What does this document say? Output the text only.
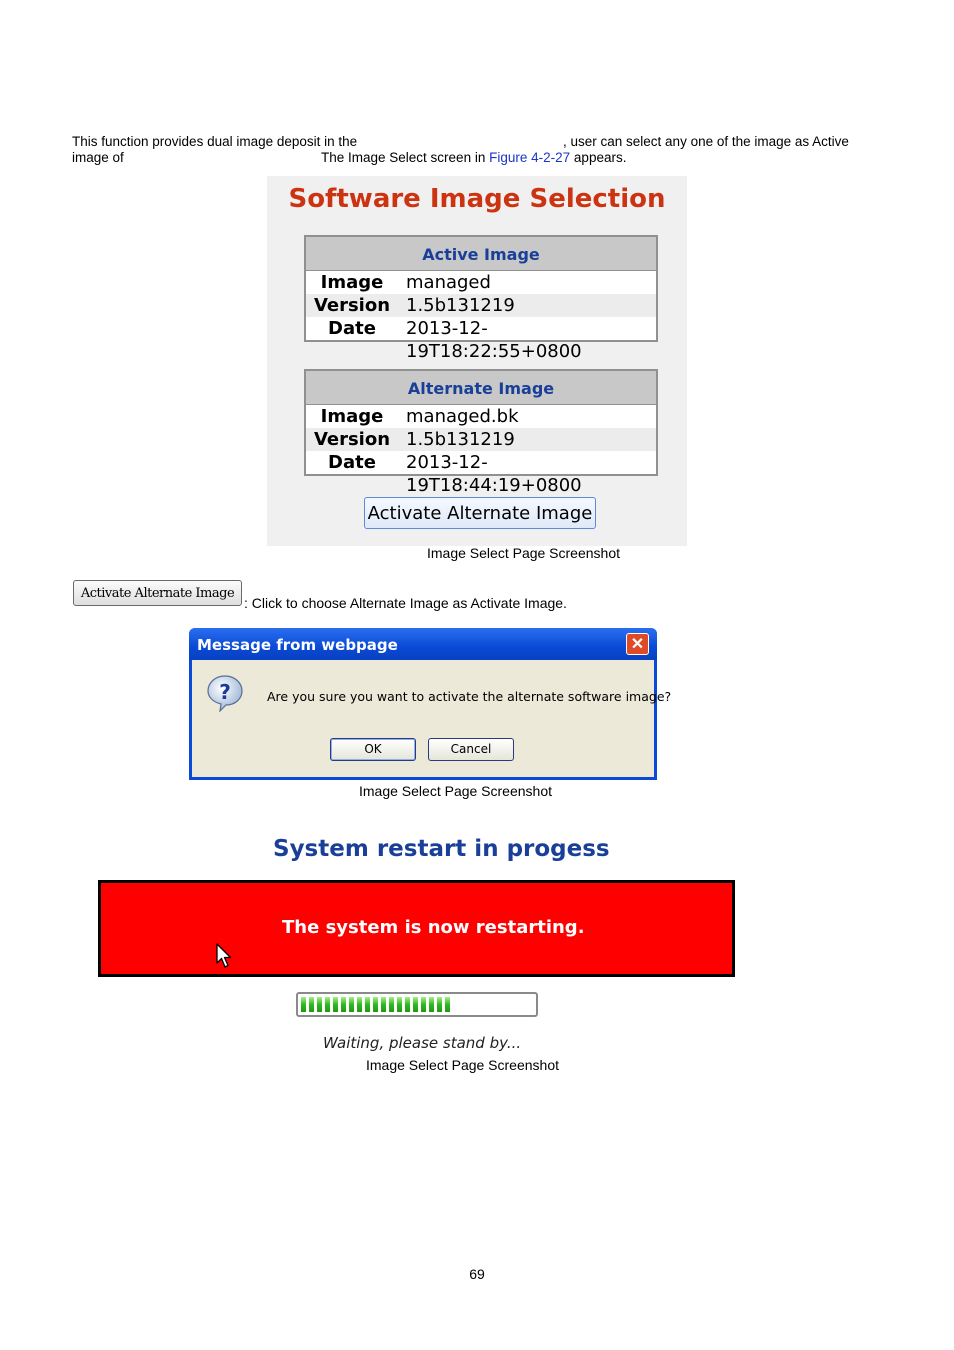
This function provides dual image deposit in the	, user can select any one of the image as Active
image of	The Image Select screen in Figure 4-2-27 appears.
Software Image Selection
Active Image
Image	managed
Version 1.5b131219
Date	2013-12-19T18:22:55+0800
Alternate Image
Image	managed.bk
Version 1.5b131219
Date	2013-12-19T18:44:19+0800
Activate Alternate Image
Image Select Page Screenshot
Activate Alternate Image
: Click to choose Alternate Image as Activate Image.
Message from webpage	✕
?	Are you sure you want to activate the alternate software image?
OK	Cancel
Image Select Page Screenshot
System restart in progess
The system is now restarting.
Waiting, please stand by...
Image Select Page Screenshot
69
